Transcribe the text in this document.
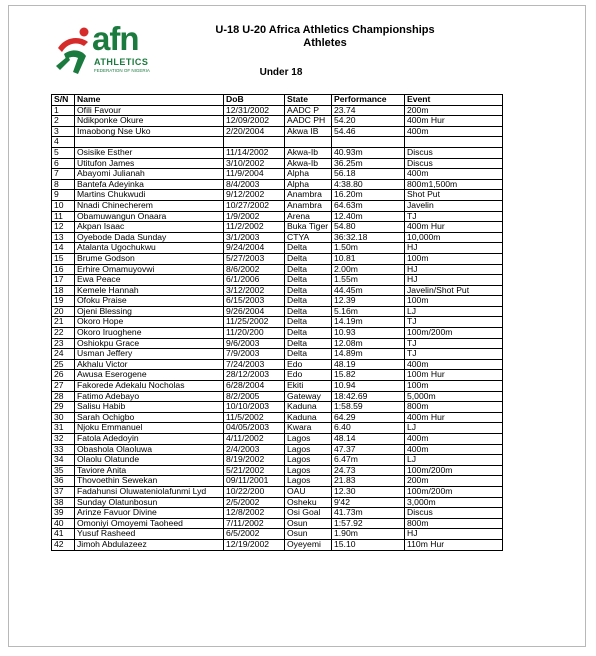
afn
ATHLETICS
FEDERATION OF NIGERIA
U-18 U-20 Africa Athletics Championships
Athletes
Under 18
S/N	Name	DoB	State	Performance	Event
1	Ofili Favour	12/31/2002	AADC P	23.74	200m
2	Ndikponke Okure	12/09/2002	AADC PH	54.20	400m Hur
3	Imaobong Nse Uko	2/20/2004	Akwa IB	54.46	400m
4					
5	Osisike Esther	11/14/2002	Akwa-Ib	40.93m	Discus
6	Utitufon James	3/10/2002	Akwa-Ib	36.25m	Discus
7	Abayomi Julianah	11/9/2004	Alpha	56.18	400m
8	Bantefa Adeyinka	8/4/2003	Alpha	4:38.80	800m1,500m
9	Martins Chukwudi	9/12/2002	Anambra	16.20m	Shot Put
10	Nnadi Chinecherem	10/27/2002	Anambra	64.63m	Javelin
11	Obamuwangun Onaara	1/9/2002	Arena	12.40m	TJ
12	Akpan Isaac	11/2/2002	Buka Tiger	54.80	400m Hur
13	Oyebode Dada Sunday	3/1/2003	CTYA	36:32.18	10,000m
14	Atalanta Ugochukwu	9/24/2004	Delta	1.50m	HJ
15	Brume Godson	5/27/2003	Delta	10.81	100m
16	Erhire Omamuyovwi	8/6/2002	Delta	2.00m	HJ
17	Ewa Peace	6/1/2006	Delta	1.55m	HJ
18	Kemele Hannah	3/12/2002	Delta	44.45m	Javelin/Shot Put
19	Ofoku Praise	6/15/2003	Delta	12.39	100m
20	Ojeni Blessing	9/26/2004	Delta	5.16m	LJ
21	Okoro Hope	11/25/2002	Delta	14.19m	TJ
22	Okoro Iruoghene	11/20/200	Delta	10.93	100m/200m
23	Oshiokpu Grace	9/6/2003	Delta	12.08m	TJ
24	Usman Jeffery	7/9/2003	Delta	14.89m	TJ
25	Akhalu Victor	7/24/2003	Edo	48.19	400m
26	Awusa Eserogene	28/12/2003	Edo	15.82	100m Hur
27	Fakorede Adekalu Nocholas	6/28/2004	Ekiti	10.94	100m
28	Fatimo Adebayo	8/2/2005	Gateway	18:42.69	5,000m
29	Salisu Habib	10/10/2003	Kaduna	1:58.59	800m
30	Sarah Ochigbo	11/5/2002	Kaduna	64.29	400m Hur
31	Njoku Emmanuel	04/05/2003	Kwara	6.40	LJ
32	Fatola Adedoyin	4/11/2002	Lagos	48.14	400m
33	Obashola Olaoluwa	2/4/2003	Lagos	47.37	400m
34	Olaolu Olatunde	8/19/2002	Lagos	6.47m	LJ
35	Taviore Anita	5/21/2002	Lagos	24.73	100m/200m
36	Thovoethin Sewekan	09/11/2001	Lagos	21.83	200m
37	Fadahunsi Oluwateniolafunmi Lyd	10/22/200	OAU	12.30	100m/200m
38	Sunday Olatunbosun	2/5/2002	Osheku	9'42	3,000m
39	Arinze Favuor Divine	12/8/2002	Osi Goal	41.73m	Discus
40	Omoniyi Omoyemi Taoheed	7/11/2002	Osun	1:57.92	800m
41	Yusuf Rasheed	6/5/2002	Osun	1.90m	HJ
42	Jimoh Abdulazeez	12/19/2002	Oyeyemi	15.10	110m Hur
